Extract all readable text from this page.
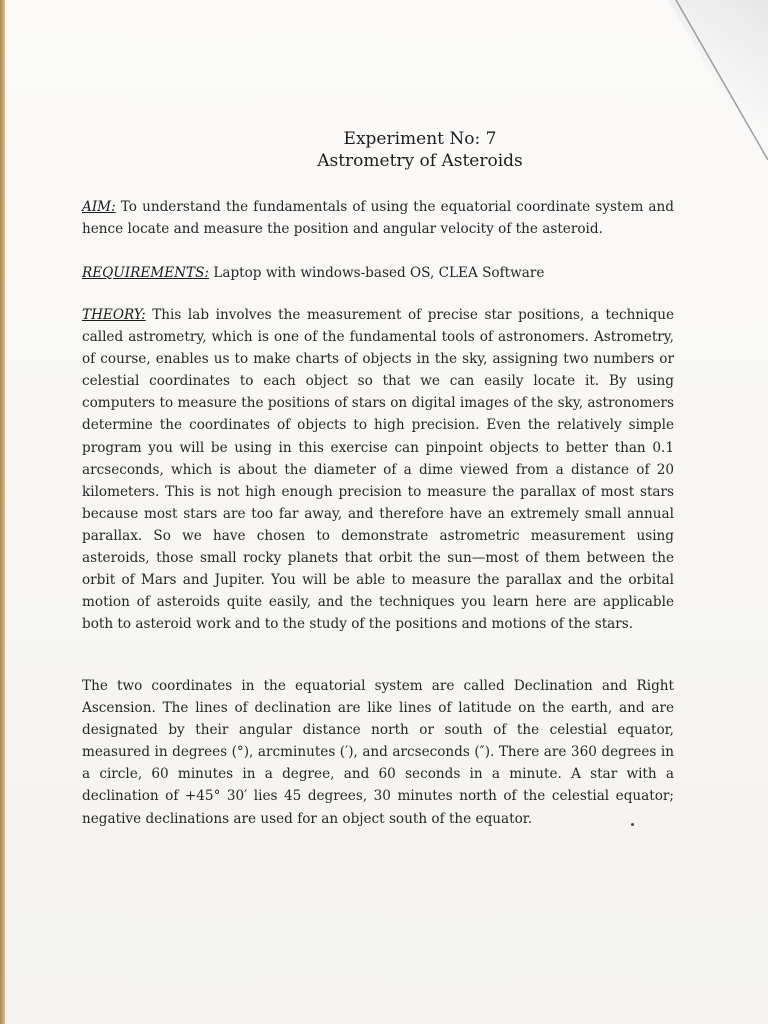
Experiment No: 7
Astrometry of Asteroids
AIM: To understand the fundamentals of using the equatorial coordinate system and hence locate and measure the position and angular velocity of the asteroid.
REQUIREMENTS: Laptop with windows-based OS, CLEA Software
THEORY: This lab involves the measurement of precise star positions, a technique called astrometry, which is one of the fundamental tools of astronomers. Astrometry, of course, enables us to make charts of objects in the sky, assigning two numbers or celestial coordinates to each object so that we can easily locate it. By using computers to measure the positions of stars on digital images of the sky, astronomers determine the coordinates of objects to high precision. Even the relatively simple program you will be using in this exercise can pinpoint objects to better than 0.1 arcseconds, which is about the diameter of a dime viewed from a distance of 20 kilometers. This is not high enough precision to measure the parallax of most stars because most stars are too far away, and therefore have an extremely small annual parallax. So we have chosen to demonstrate astrometric measurement using asteroids, those small rocky planets that orbit the sun—most of them between the orbit of Mars and Jupiter. You will be able to measure the parallax and the orbital motion of asteroids quite easily, and the techniques you learn here are applicable both to asteroid work and to the study of the positions and motions of the stars.
The two coordinates in the equatorial system are called Declination and Right Ascension. The lines of declination are like lines of latitude on the earth, and are designated by their angular distance north or south of the celestial equator, measured in degrees (°), arcminutes (′), and arcseconds (″). There are 360 degrees in a circle, 60 minutes in a degree, and 60 seconds in a minute. A star with a declination of +45° 30′ lies 45 degrees, 30 minutes north of the celestial equator; negative declinations are used for an object south of the equator.
